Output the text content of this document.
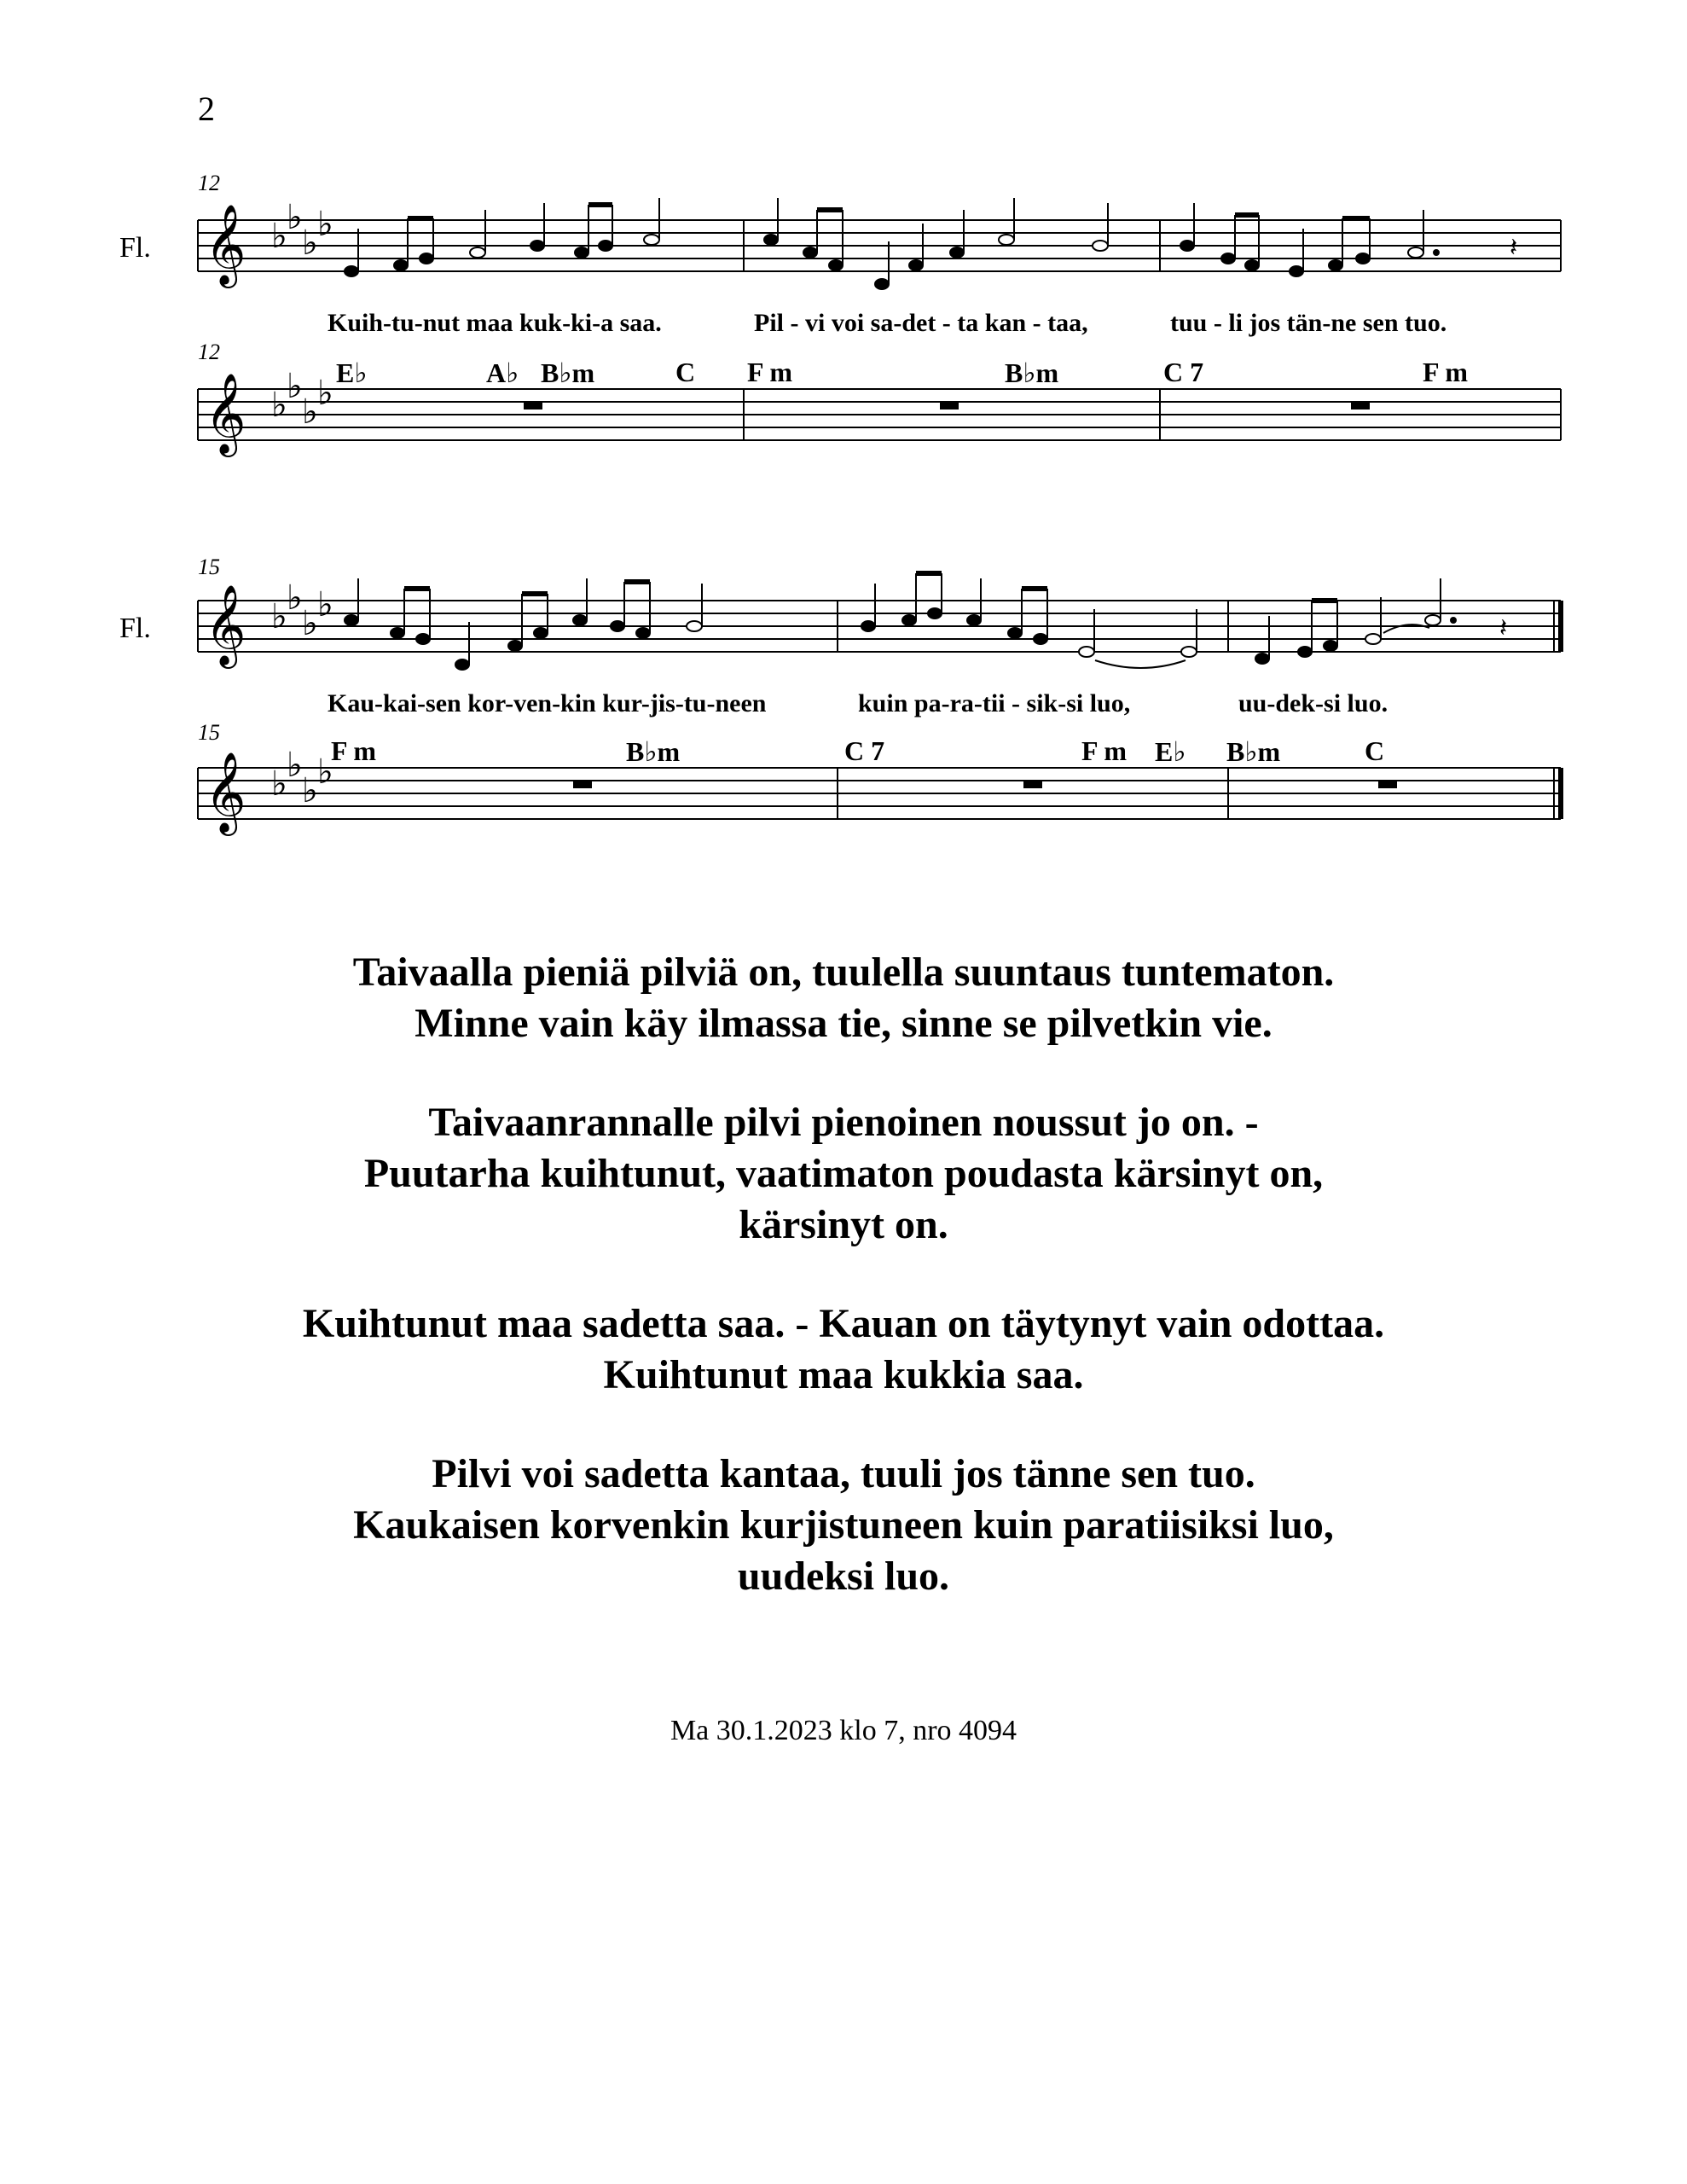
2
12
Fl. 𝄞 ♭ ♭
♭ ♭
𝄽
𝄞 ♭ ♭
♭ ♭
12
Kuih-tu-nut maa kuk-ki-a saa.	Pil - vi voi sa-det - ta kan - taa,	tuu - li jos tän-ne sen tuo.
E♭	A♭ B♭m	C F m	B♭m	C 7	F m
15
Fl. 𝄞 ♭ ♭
♭ ♭
𝄽
𝄞 ♭ ♭
♭ ♭
15
Kau-kai-sen kor-ven-kin kur-jis-tu-neen	kuin pa-ra-tii - sik-si luo,	uu-dek-si luo.
F m	B♭m	C 7	F m E♭ B♭m	C
Taivaalla pieniä pilviä on, tuulella suuntaus tuntematon.
Minne vain käy ilmassa tie, sinne se pilvetkin vie.
Taivaanrannalle pilvi pienoinen noussut jo on. -
Puutarha kuihtunut, vaatimaton poudasta kärsinyt on,
kärsinyt on.
Kuihtunut maa sadetta saa. - Kauan on täytynyt vain odottaa.
Kuihtunut maa kukkia saa.
Pilvi voi sadetta kantaa, tuuli jos tänne sen tuo.
Kaukaisen korvenkin kurjistuneen kuin paratiisiksi luo,
uudeksi luo.
Ma 30.1.2023 klo 7, nro 4094
